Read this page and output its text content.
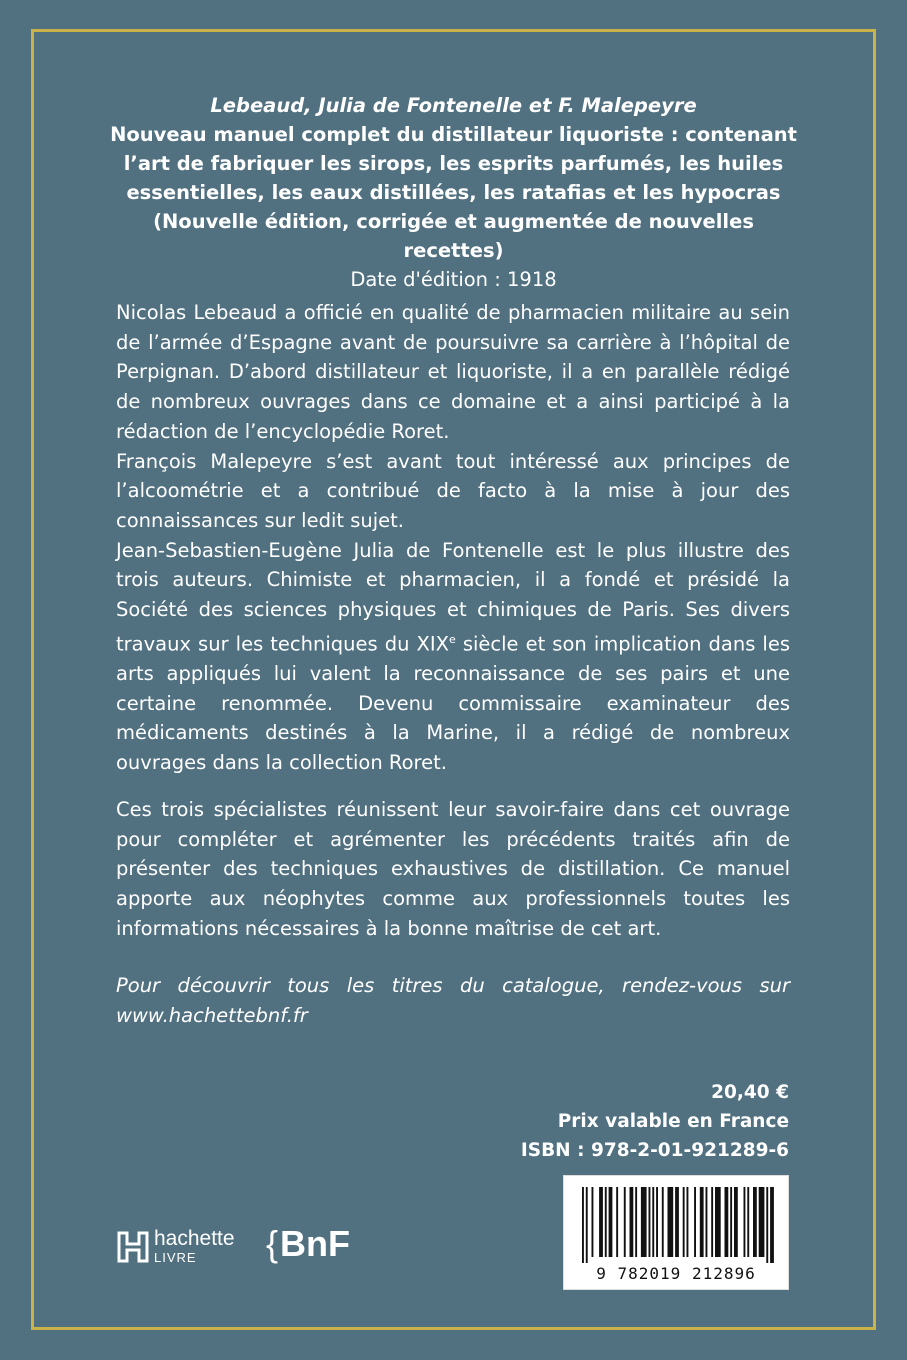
Lebeaud, Julia de Fontenelle et F. Malepeyre
Nouveau manuel complet du distillateur liquoriste : contenant l’art de fabriquer les sirops, les esprits parfumés, les huiles essentielles, les eaux distillées, les ratafias et les hypocras
(Nouvelle édition, corrigée et augmentée de nouvelles recettes)
Date d'édition : 1918

Nicolas Lebeaud a officié en qualité de pharmacien militaire au sein de l’armée d’Espagne avant de poursuivre sa carrière à l’hôpital de Perpignan. D’abord distillateur et liquoriste, il a en parallèle rédigé de nombreux ouvrages dans ce domaine et a ainsi participé à la rédaction de l’encyclopédie Roret.

François Malepeyre s’est avant tout intéressé aux principes de l’alcoométrie et a contribué de facto à la mise à jour des connaissances sur ledit sujet.

Jean-Sebastien-Eugène Julia de Fontenelle est le plus illustre des trois auteurs. Chimiste et pharmacien, il a fondé et présidé la Société des sciences physiques et chimiques de Paris. Ses divers travaux sur les techniques du XIXe siècle et son implication dans les arts appliqués lui valent la reconnaissance de ses pairs et une certaine renommée. Devenu commissaire examinateur des médicaments destinés à la Marine, il a rédigé de nombreux ouvrages dans la collection Roret.

Ces trois spécialistes réunissent leur savoir-faire dans cet ouvrage pour compléter et agrémenter les précédents traités afin de présenter des techniques exhaustives de distillation. Ce manuel apporte aux néophytes comme aux professionnels toutes les informations nécessaires à la bonne maîtrise de cet art.

Pour découvrir tous les titres du catalogue, rendez-vous sur www.hachettebnf.fr

20,40 €
Prix valable en France
ISBN : 978-2-01-921289-6
9 782019 212896
hachette
LIVRE {BnF
